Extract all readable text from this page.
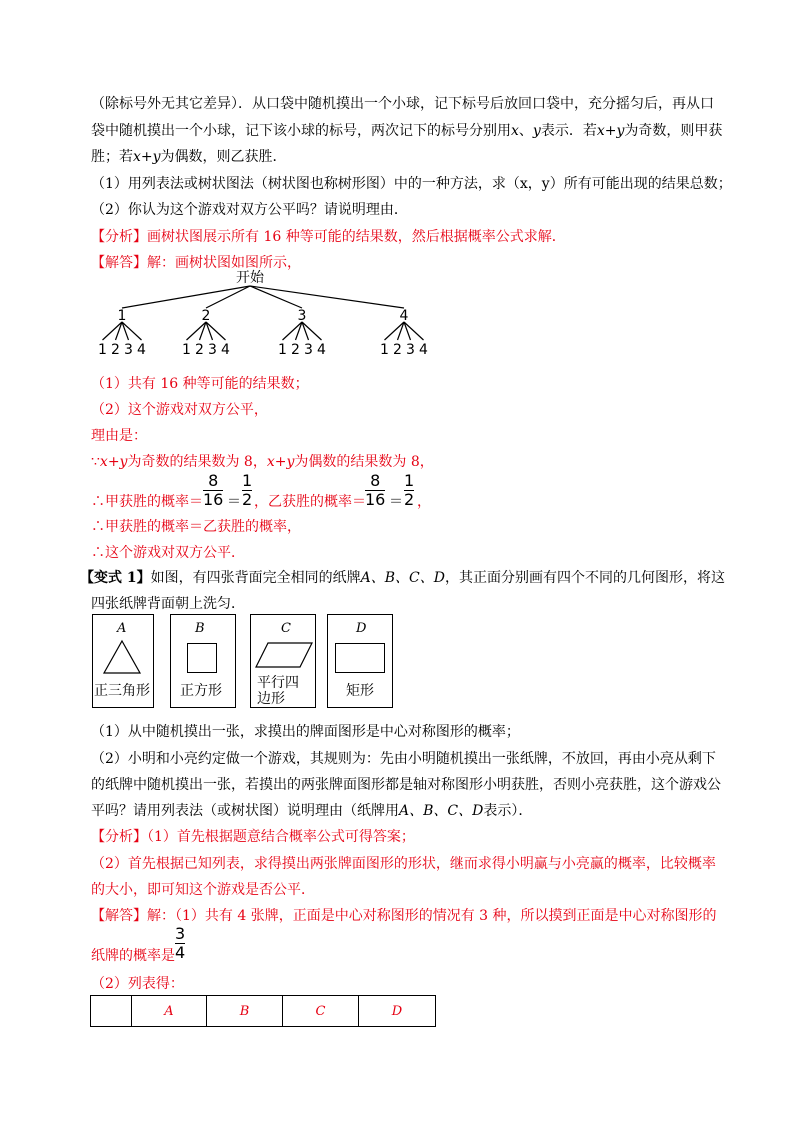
（除标号外无其它差异）．从口袋中随机摸出一个小球，记下标号后放回口袋中，充分摇匀后，再从口
袋中随机摸出一个小球，记下该小球的标号，两次记下的标号分别用x、y表示．若x+y为奇数，则甲获
胜；若x+y为偶数，则乙获胜．
（1）用列表法或树状图法（树状图也称树形图）中的一种方法，求（x，y）所有可能出现的结果总数；
（2）你认为这个游戏对双方公平吗？请说明理由．
【分析】画树状图展示所有 16 种等可能的结果数，然后根据概率公式求解．
【解答】解：画树状图如图所示，
开始
1
1 2 3 4
2
1 2 3 4
3
1 2 3 4
4
1 2 3 4
（1）共有 16 种等可能的结果数；
（2）这个游戏对双方公平，
理由是：
∵x+y为奇数的结果数为 8，x+y为偶数的结果数为 8，
∴甲获胜的概率＝
8
16 ＝
1
2 ，乙获胜的概率＝
8
16 ＝
1
2 ，
∴甲获胜的概率＝乙获胜的概率，
∴这个游戏对双方公平．
【变式 1】如图，有四张背面完全相同的纸牌A、B、C、D，其正面分别画有四个不同的几何图形，将这
四张纸牌背面朝上洗匀．
A
正三角形
B
正方形
C
平行四
边形
D
矩形
（1）从中随机摸出一张，求摸出的牌面图形是中心对称图形的概率；
（2）小明和小亮约定做一个游戏，其规则为：先由小明随机摸出一张纸牌，不放回，再由小亮从剩下
的纸牌中随机摸出一张，若摸出的两张牌面图形都是轴对称图形小明获胜，否则小亮获胜，这个游戏公
平吗？请用列表法（或树状图）说明理由（纸牌用A、B、C、D表示）．
【分析】（1）首先根据题意结合概率公式可得答案；
（2）首先根据已知列表，求得摸出两张牌面图形的形状，继而求得小明赢与小亮赢的概率，比较概率
的大小，即可知这个游戏是否公平．
【解答】解：（1）共有 4 张牌，正面是中心对称图形的情况有 3 种，所以摸到正面是中心对称图形的
纸牌的概率是
3
4
（2）列表得：
	A	B	C	D
